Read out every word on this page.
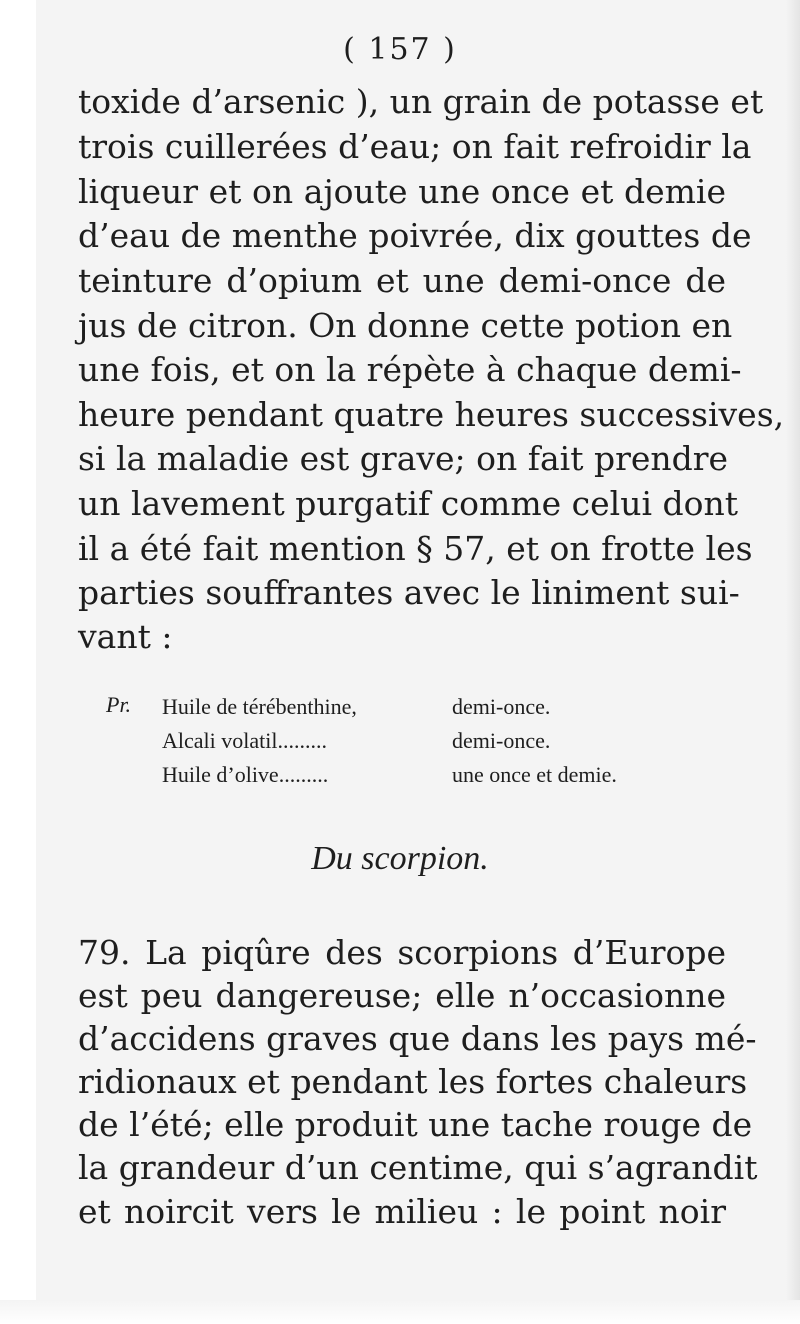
( 157 )
toxide d’arsenic ), un grain de potasse et
trois cuillerées d’eau; on fait refroidir la
liqueur et on ajoute une once et demie
d’eau de menthe poivrée, dix gouttes de
teinture d’opium et une demi-once de
jus de citron. On donne cette potion en
une fois, et on la répète à chaque demi-
heure pendant quatre heures successives,
si la maladie est grave; on fait prendre
un lavement purgatif comme celui dont
il a été fait mention § 57, et on frotte les
parties souffrantes avec le liniment sui-
vant :
Pr. Huile de térébenthine,	demi-once.
Alcali volatil.........	demi-once.
Huile d’olive.........	une once et demie.
Du scorpion.
79. La piqûre des scorpions d’Europe
est peu dangereuse; elle n’occasionne
d’accidens graves que dans les pays mé-
ridionaux et pendant les fortes chaleurs
de l’été; elle produit une tache rouge de
la grandeur d’un centime, qui s’agrandit
et noircit vers le milieu : le point noir
